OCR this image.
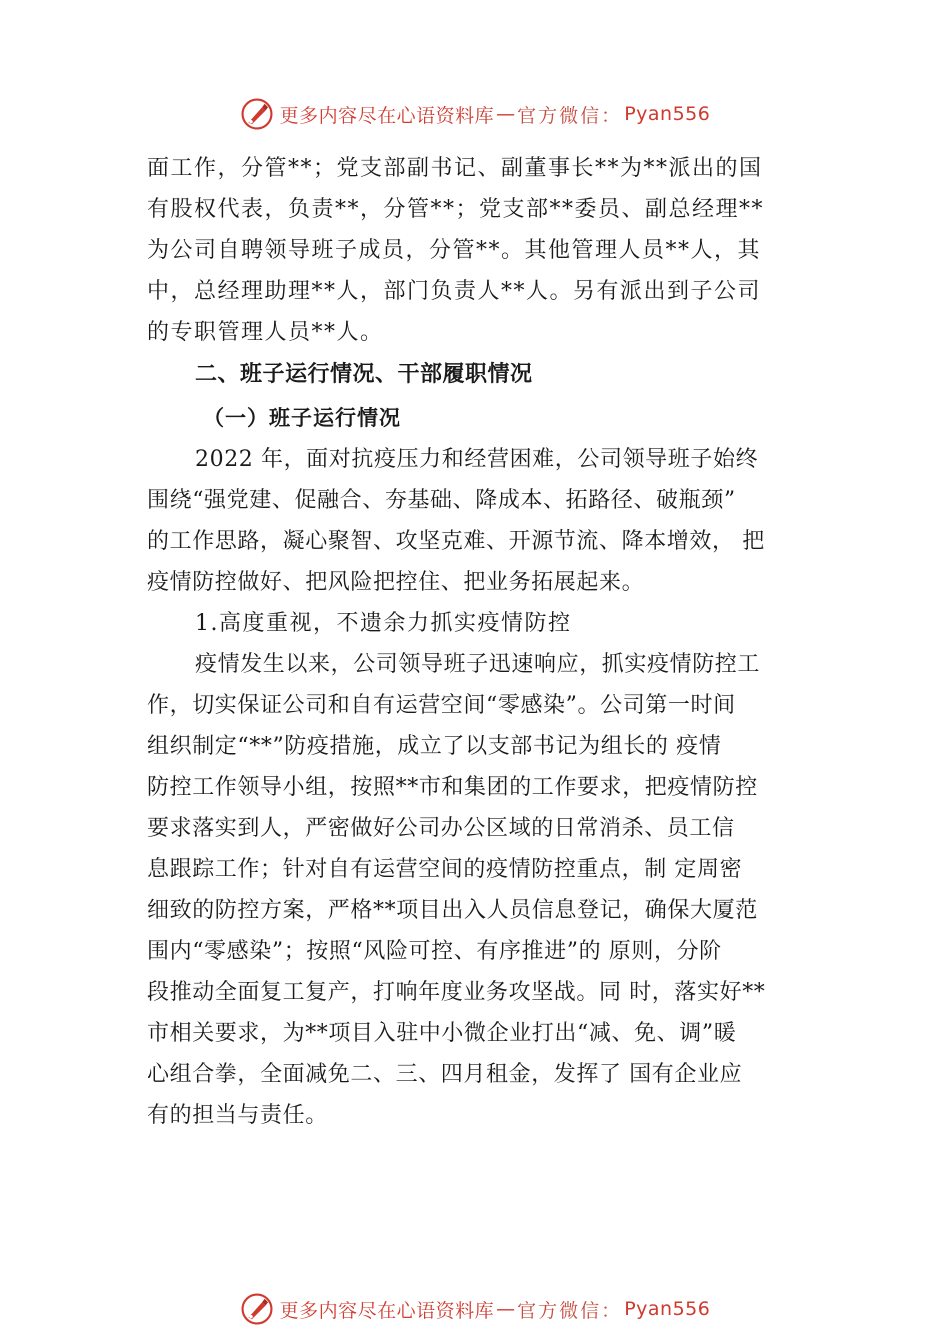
更多内容尽在心语资料库 — 官方微信： Pyan556
面工作，分管**；党支部副书记、副董事长**为**派出的国
有股权代表，负责**，分管**；党支部**委员、副总经理**
为公司自聘领导班子成员，分管**。其他管理人员**人，其
中，总经理助理**人，部门负责人**人。另有派出到子公司
的专职管理人员**人。
二、班子运行情况、干部履职情况
（一）班子运行情况
2022 年，面对抗疫压力和经营困难，公司领导班子始终
围绕“强党建、促融合、夯基础、降成本、拓路径、破瓶颈”
的工作思路，凝心聚智、攻坚克难、开源节流、降本增效， 把
疫情防控做好、把风险把控住、把业务拓展起来。
1.高度重视，不遗余力抓实疫情防控
疫情发生以来，公司领导班子迅速响应，抓实疫情防控工
作，切实保证公司和自有运营空间“零感染”。公司第一时间
组织制定“**”防疫措施，成立了以支部书记为组长的 疫情
防控工作领导小组，按照**市和集团的工作要求，把疫情防控
要求落实到人，严密做好公司办公区域的日常消杀、员工信
息跟踪工作；针对自有运营空间的疫情防控重点，制 定周密
细致的防控方案，严格**项目出入人员信息登记，确保大厦范
围内“零感染”；按照“风险可控、有序推进”的 原则，分阶
段推动全面复工复产，打响年度业务攻坚战。同 时，落实好**
市相关要求，为**项目入驻中小微企业打出“减、免、调”暖
心组合拳，全面减免二、三、四月租金，发挥了 国有企业应
有的担当与责任。
更多内容尽在心语资料库 — 官方微信： Pyan556
